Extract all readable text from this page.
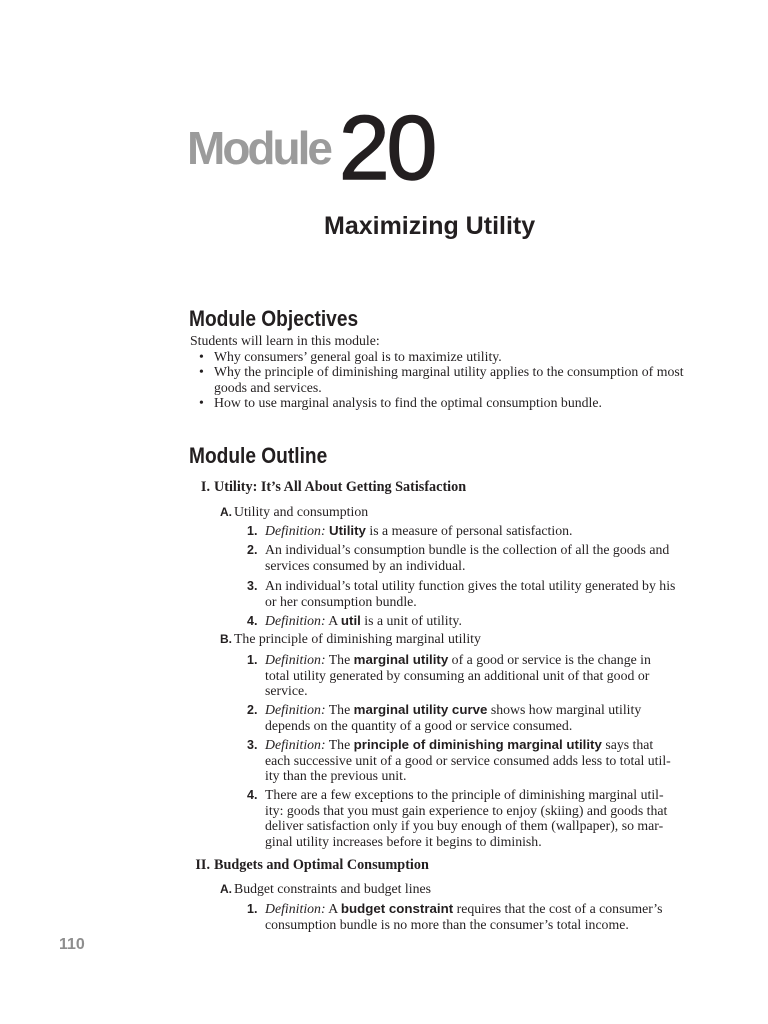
Module 20
Maximizing Utility
Module Objectives
Students will learn in this module:
• Why consumers’ general goal is to maximize utility.
• Why the principle of diminishing marginal utility applies to the consumption of most
goods and services.
• How to use marginal analysis to find the optimal consumption bundle.
Module Outline
I. Utility: It’s All About Getting Satisfaction
A. Utility and consumption
1. Definition: Utility is a measure of personal satisfaction.
2. An individual’s consumption bundle is the collection of all the goods and
services consumed by an individual.
3. An individual’s total utility function gives the total utility generated by his
or her consumption bundle.
4. Definition: A util is a unit of utility.
B. The principle of diminishing marginal utility
1. Definition: The marginal utility of a good or service is the change in
total utility generated by consuming an additional unit of that good or
service.
2. Definition: The marginal utility curve shows how marginal utility
depends on the quantity of a good or service consumed.
3. Definition: The principle of diminishing marginal utility says that
each successive unit of a good or service consumed adds less to total util-
ity than the previous unit.
4. There are a few exceptions to the principle of diminishing marginal util-
ity: goods that you must gain experience to enjoy (skiing) and goods that
deliver satisfaction only if you buy enough of them (wallpaper), so mar-
ginal utility increases before it begins to diminish.
II. Budgets and Optimal Consumption
A. Budget constraints and budget lines
1. Definition: A budget constraint requires that the cost of a consumer’s
consumption bundle is no more than the consumer’s total income.
110
